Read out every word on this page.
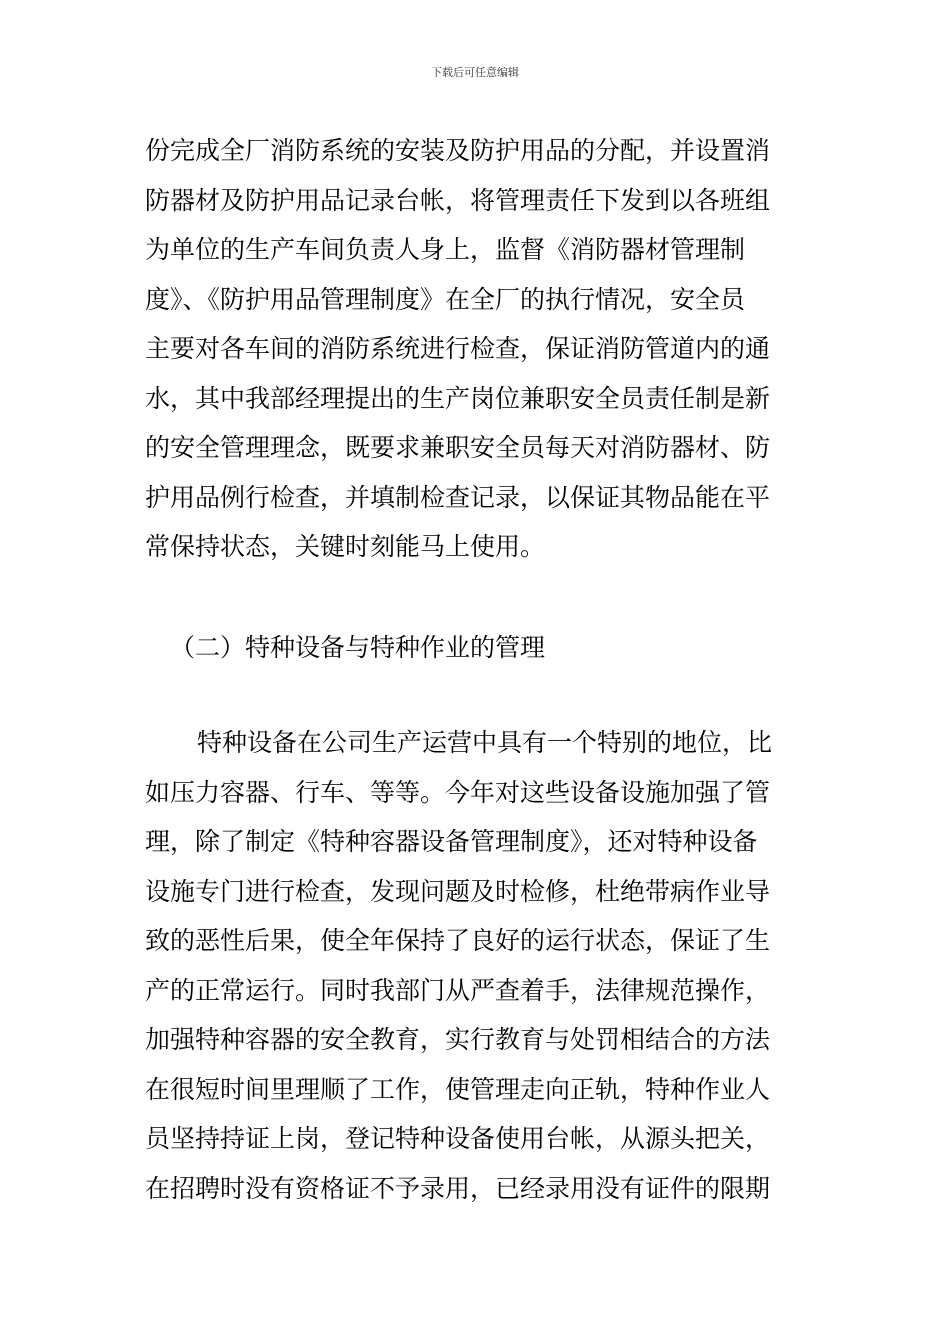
下载后可任意编辑
份完成全厂消防系统的安装及防护用品的分配，并设置消
防器材及防护用品记录台帐，将管理责任下发到以各班组
为单位的生产车间负责人身上，监督《消防器材管理制
度》、《防护用品管理制度》在全厂的执行情况，安全员
主要对各车间的消防系统进行检查，保证消防管道内的通
水，其中我部经理提出的生产岗位兼职安全员责任制是新
的安全管理理念，既要求兼职安全员每天对消防器材、防
护用品例行检查，并填制检查记录，以保证其物品能在平
常保持状态，关键时刻能马上使用。
（二）特种设备与特种作业的管理
特种设备在公司生产运营中具有一个特别的地位，比
如压力容器、行车、等等。今年对这些设备设施加强了管
理，除了制定《特种容器设备管理制度》，还对特种设备
设施专门进行检查，发现问题及时检修，杜绝带病作业导
致的恶性后果，使全年保持了良好的运行状态，保证了生
产的正常运行。同时我部门从严查着手，法律规范操作，
加强特种容器的安全教育，实行教育与处罚相结合的方法
在很短时间里理顺了工作，使管理走向正轨，特种作业人
员坚持持证上岗，登记特种设备使用台帐，从源头把关，
在招聘时没有资格证不予录用，已经录用没有证件的限期
